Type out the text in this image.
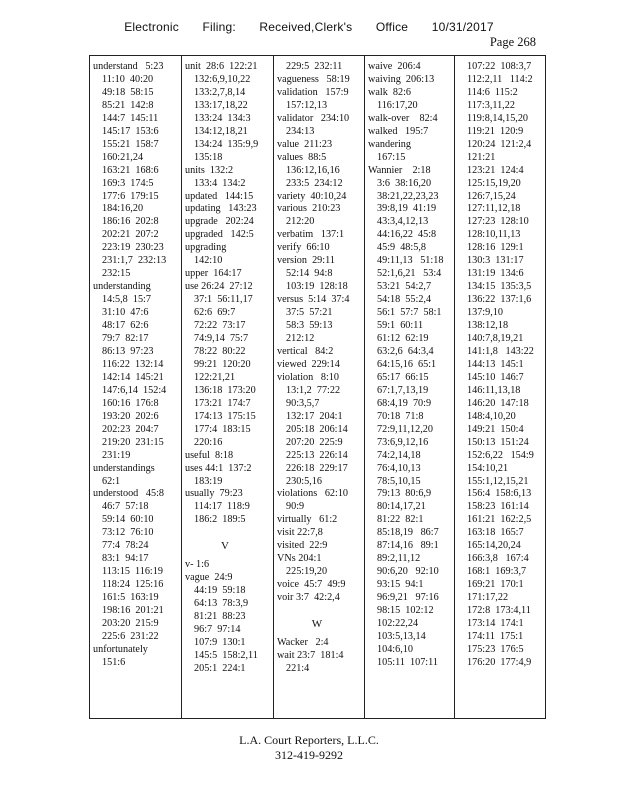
Electronic Filing: Received,Clerk's Office 10/31/2017
Page 268
understand   5:23
11:10  40:20
49:18  58:15
85:21  142:8
144:7  145:11
145:17  153:6
155:21  158:7
160:21,24
163:21  168:6
169:3  174:5
177:6  179:15
184:16,20
186:16  202:8
202:21  207:2
223:19  230:23
231:1,7  232:13
232:15
understanding
14:5,8  15:7
31:10  47:6
48:17  62:6
79:7  82:17
86:13  97:23
116:22  132:14
142:14  145:21
147:6,14  152:4
160:16  176:8
193:20  202:6
202:23  204:7
219:20  231:15
231:19
understandings
62:1
understood   45:8
46:7  57:18
59:14  60:10
73:12  76:10
77:4  78:24
83:1  94:17
113:15  116:19
118:24  125:16
161:5  163:19
198:16  201:21
203:20  215:9
225:6  231:22
unfortunately
151:6
unit  28:6  122:21
132:6,9,10,22
133:2,7,8,14
133:17,18,22
133:24  134:3
134:12,18,21
134:24  135:9,9
135:18
units  132:2
133:4  134:2
updated   144:15
updating   143:23
upgrade   202:24
upgraded   142:5
upgrading
142:10
upper  164:17
use 26:24  27:12
37:1  56:11,17
62:6  69:7
72:22  73:17
74:9,14  75:7
78:22  80:22
99:21  120:20
122:21,21
136:18  173:20
173:21  174:7
174:13  175:15
177:4  183:15
220:16
useful  8:18
uses 44:1  137:2
183:19
usually  79:23
114:17  118:9
186:2  189:5
V
v- 1:6
vague  24:9
44:19  59:18
64:13  78:3,9
81:21  88:23
96:7  97:14
107:9  130:1
145:5  158:2,11
205:1  224:1
229:5  232:11
vagueness   58:19
validation   157:9
157:12,13
validator   234:10
234:13
value  211:23
values  88:5
136:12,16,16
233:5  234:12
variety  40:10,24
various  210:23
212:20
verbatim   137:1
verify  66:10
version  29:11
52:14  94:8
103:19  128:18
versus  5:14  37:4
37:5  57:21
58:3  59:13
212:12
vertical   84:2
viewed  229:14
violation   8:10
13:1,2  77:22
90:3,5,7
132:17  204:1
205:18  206:14
207:20  225:9
225:13  226:14
226:18  229:17
230:5,16
violations   62:10
90:9
virtually   61:2
visit 22:7,8
visited  22:9
VNs 204:1
225:19,20
voice  45:7  49:9
voir 3:7  42:2,4
W
Wacker   2:4
wait 23:7  181:4
221:4
waive  206:4
waiving  206:13
walk  82:6
116:17,20
walk-over    82:4
walked   195:7
wandering
167:15
Wannier    2:18
3:6  38:16,20
38:21,22,23,23
39:8,19  41:19
43:3,4,12,13
44:16,22  45:8
45:9  48:5,8
49:11,13   51:18
52:1,6,21   53:4
53:21  54:2,7
54:18  55:2,4
56:1  57:7  58:1
59:1  60:11
61:12  62:19
63:2,6  64:3,4
64:15,16  65:1
65:17  66:15
67:1,7,13,19
68:4,19  70:9
70:18  71:8
72:9,11,12,20
73:6,9,12,16
74:2,14,18
76:4,10,13
78:5,10,15
79:13  80:6,9
80:14,17,21
81:22  82:1
85:18,19   86:7
87:14,16   89:1
89:2,11,12
90:6,20   92:10
93:15  94:1
96:9,21   97:16
98:15  102:12
102:22,24
103:5,13,14
104:6,10
105:11  107:11
107:22  108:3,7
112:2,11   114:2
114:6  115:2
117:3,11,22
119:8,14,15,20
119:21  120:9
120:24  121:2,4
121:21
123:21  124:4
125:15,19,20
126:7,15,24
127:11,12,18
127:23  128:10
128:10,11,13
128:16  129:1
130:3  131:17
131:19  134:6
134:15  135:3,5
136:22  137:1,6
137:9,10
138:12,18
140:7,8,19,21
141:1,8   143:22
144:13  145:1
145:10  146:7
146:11,13,18
146:20  147:18
148:4,10,20
149:21  150:4
150:13  151:24
152:6,22   154:9
154:10,21
155:1,12,15,21
156:4  158:6,13
158:23  161:14
161:21  162:2,5
163:18  165:7
165:14,20,24
166:3,8   167:4
168:1  169:3,7
169:21  170:1
171:17,22
172:8  173:4,11
173:14  174:1
174:11  175:1
175:23  176:5
176:20  177:4,9
L.A. Court Reporters, L.L.C.
312-419-9292
